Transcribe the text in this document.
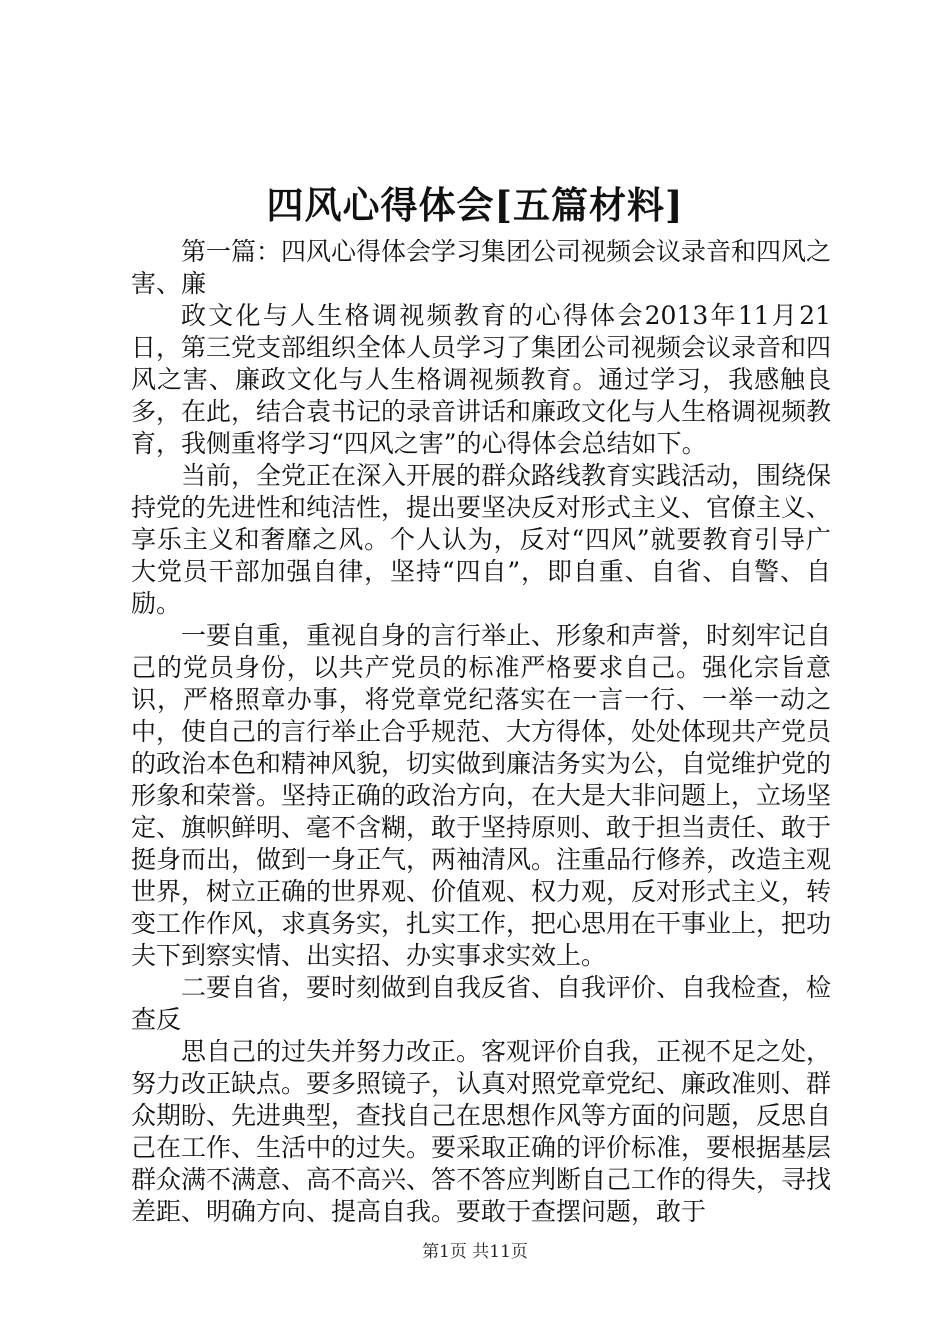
四风心得体会[五篇材料]

第一篇：四风心得体会学习集团公司视频会议录音和四风之害、廉

政文化与人生格调视频教育的心得体会2013年11月21日，第三党支部组织全体人员学习了集团公司视频会议录音和四风之害、廉政文化与人生格调视频教育。通过学习，我感触良多，在此，结合袁书记的录音讲话和廉政文化与人生格调视频教育，我侧重将学习“四风之害”的心得体会总结如下。

当前，全党正在深入开展的群众路线教育实践活动，围绕保持党的先进性和纯洁性，提出要坚决反对形式主义、官僚主义、享乐主义和奢靡之风。个人认为，反对“四风”就要教育引导广大党员干部加强自律，坚持“四自”，即自重、自省、自警、自励。

一要自重，重视自身的言行举止、形象和声誉，时刻牢记自己的党员身份，以共产党员的标准严格要求自己。强化宗旨意识，严格照章办事，将党章党纪落实在一言一行、一举一动之中，使自己的言行举止合乎规范、大方得体，处处体现共产党员的政治本色和精神风貌，切实做到廉洁务实为公，自觉维护党的形象和荣誉。坚持正确的政治方向，在大是大非问题上，立场坚定、旗帜鲜明、毫不含糊，敢于坚持原则、敢于担当责任、敢于挺身而出，做到一身正气，两袖清风。注重品行修养，改造主观世界，树立正确的世界观、价值观、权力观，反对形式主义，转变工作作风，求真务实，扎实工作，把心思用在干事业上，把功夫下到察实情、出实招、办实事求实效上。

二要自省，要时刻做到自我反省、自我评价、自我检查，检查反

思自己的过失并努力改正。客观评价自我，正视不足之处，努力改正缺点。要多照镜子，认真对照党章党纪、廉政准则、群众期盼、先进典型，查找自己在思想作风等方面的问题，反思自己在工作、生活中的过失。要采取正确的评价标准，要根据基层群众满不满意、高不高兴、答不答应判断自己工作的得失，寻找差距、明确方向、提高自我。要敢于查摆问题，敢于

第1页 共11页
